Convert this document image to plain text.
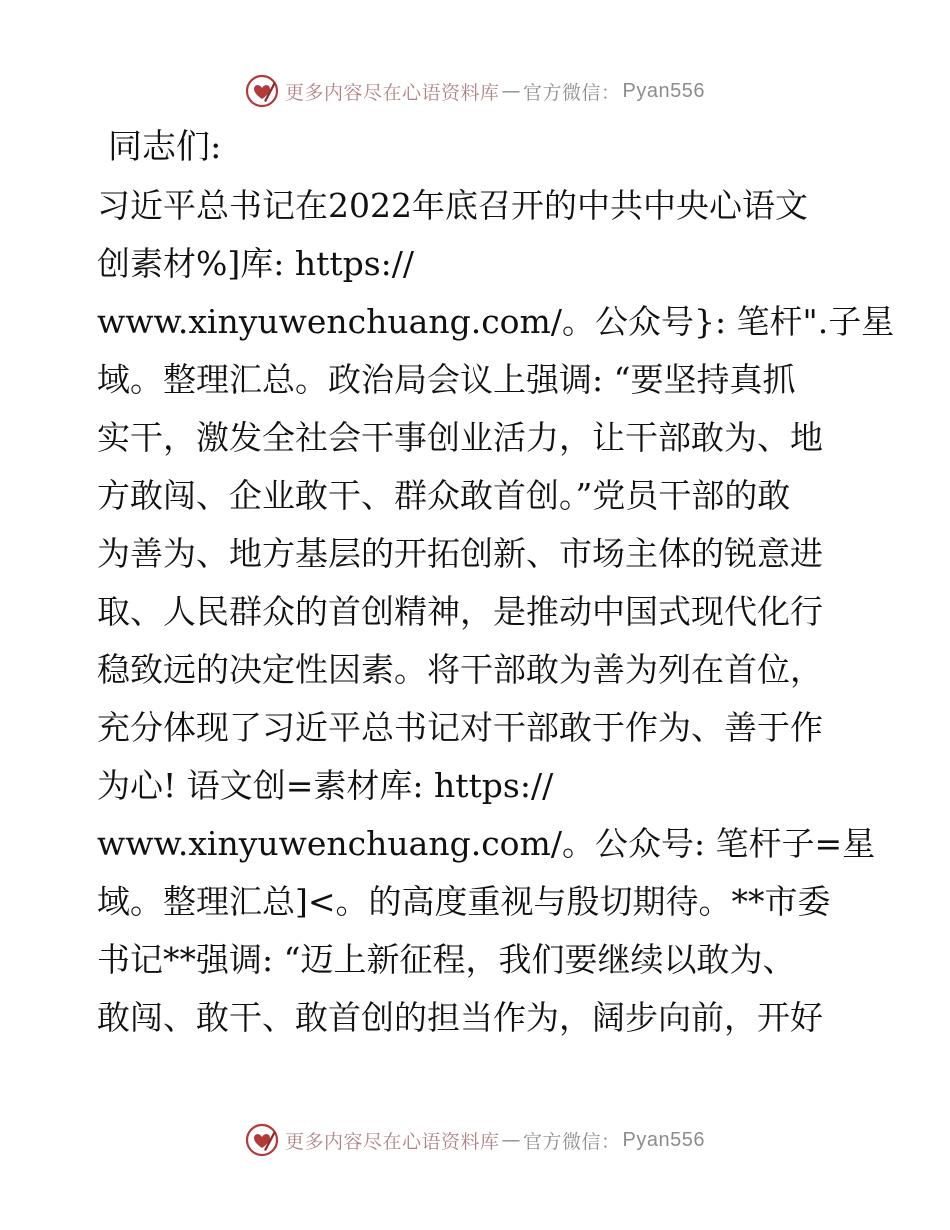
更多内容尽在心语资料库 — 官方微信： Pyan556
同志们:
习近平总书记在2022年底召开的中共中央心语文
创素材%]库: https://
www.xinyuwenchuang.com/。公众号}: 笔杆".子星
域。整理汇总。政治局会议上强调: “要坚持真抓
实干，激发全社会干事创业活力，让干部敢为、地
方敢闯、企业敢干、群众敢首创。”党员干部的敢
为善为、地方基层的开拓创新、市场主体的锐意进
取、人民群众的首创精神，是推动中国式现代化行
稳致远的决定性因素。将干部敢为善为列在首位，
充分体现了习近平总书记对干部敢于作为、善于作
为心! 语文创=素材库: https://
www.xinyuwenchuang.com/。公众号: 笔杆子=星
域。整理汇总]<。的高度重视与殷切期待。**市委
书记**强调: “迈上新征程，我们要继续以敢为、
敢闯、敢干、敢首创的担当作为，阔步向前，开好
更多内容尽在心语资料库 — 官方微信： Pyan556
